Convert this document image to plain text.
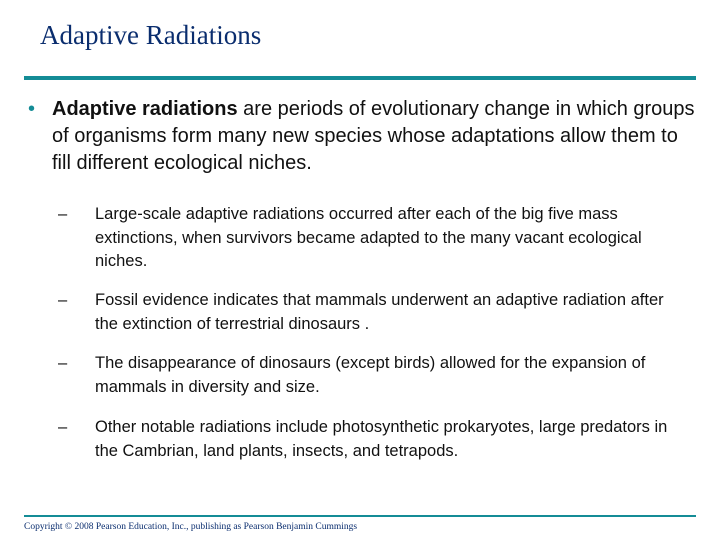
Adaptive Radiations
• Adaptive radiations are periods of evolutionary change in which groups of organisms form many new species whose adaptations allow them to fill different ecological niches.
–	Large-scale adaptive radiations occurred after each of the big five mass extinctions, when survivors became adapted to the many vacant ecological niches.
–	Fossil evidence indicates that mammals underwent an adaptive radiation after the extinction of terrestrial dinosaurs .
–	The disappearance of dinosaurs (except birds) allowed for the expansion of mammals in diversity and size.
–	Other notable radiations include photosynthetic prokaryotes, large predators in the Cambrian, land plants, insects, and tetrapods.
Copyright © 2008 Pearson Education, Inc., publishing as Pearson Benjamin Cummings
